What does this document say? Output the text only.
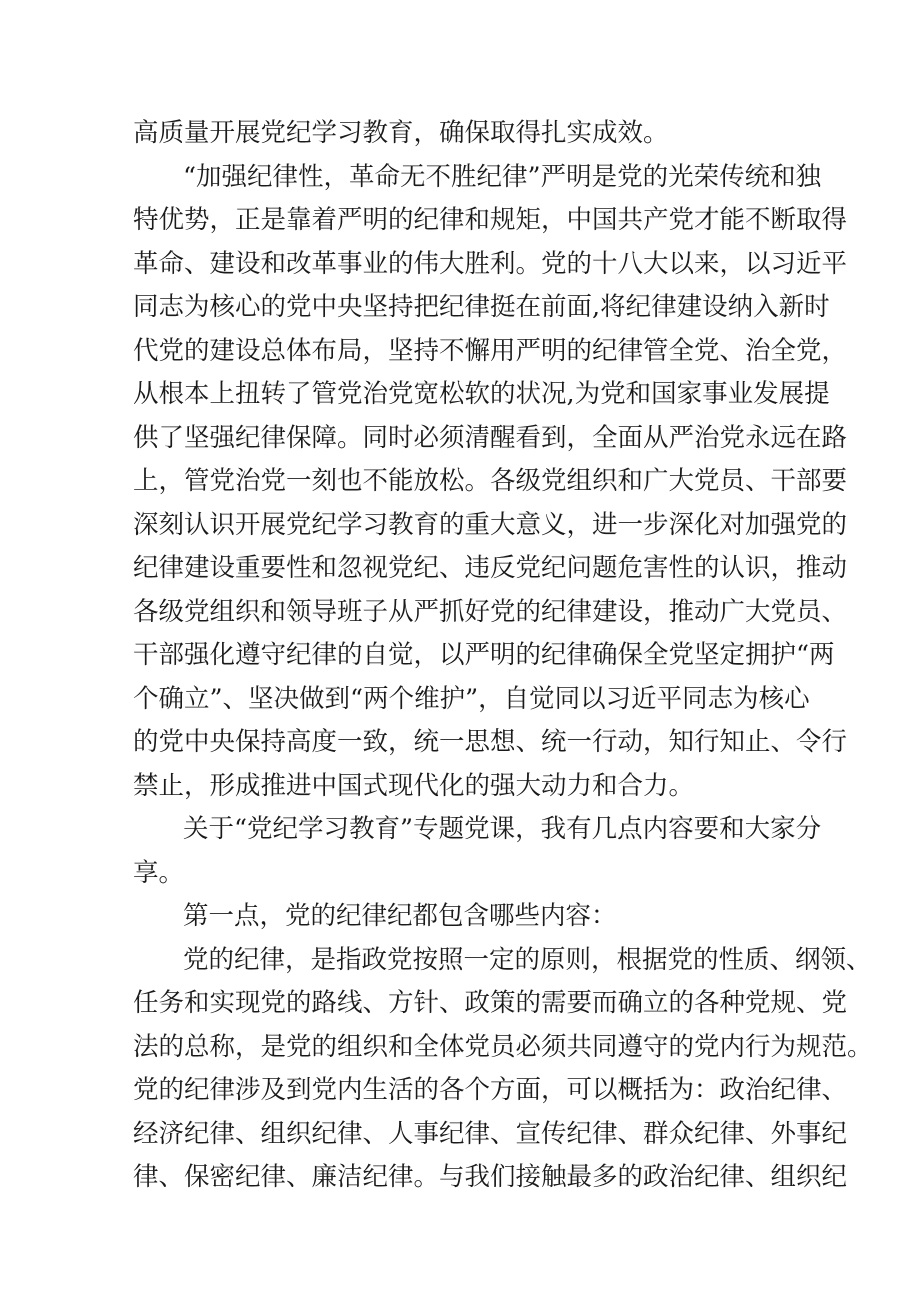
高质量开展党纪学习教育，确保取得扎实成效。
“加强纪律性，革命无不胜纪律”严明是党的光荣传统和独
特优势，正是靠着严明的纪律和规矩，中国共产党才能不断取得
革命、建设和改革事业的伟大胜利。党的十八大以来，以习近平
同志为核心的党中央坚持把纪律挺在前面,将纪律建设纳入新时
代党的建设总体布局，坚持不懈用严明的纪律管全党、治全党，
从根本上扭转了管党治党宽松软的状况,为党和国家事业发展提
供了坚强纪律保障。同时必须清醒看到，全面从严治党永远在路
上，管党治党一刻也不能放松。各级党组织和广大党员、干部要
深刻认识开展党纪学习教育的重大意义，进一步深化对加强党的
纪律建设重要性和忽视党纪、违反党纪问题危害性的认识，推动
各级党组织和领导班子从严抓好党的纪律建设，推动广大党员、
干部强化遵守纪律的自觉，以严明的纪律确保全党坚定拥护“两
个确立”、坚决做到“两个维护”，自觉同以习近平同志为核心
的党中央保持高度一致，统一思想、统一行动，知行知止、令行
禁止，形成推进中国式现代化的强大动力和合力。
关于“党纪学习教育”专题党课，我有几点内容要和大家分
享。
第一点，党的纪律纪都包含哪些内容：
党的纪律，是指政党按照一定的原则，根据党的性质、纲领、
任务和实现党的路线、方针、政策的需要而确立的各种党规、党
法的总称，是党的组织和全体党员必须共同遵守的党内行为规范。
党的纪律涉及到党内生活的各个方面，可以概括为：政治纪律、
经济纪律、组织纪律、人事纪律、宣传纪律、群众纪律、外事纪
律、保密纪律、廉洁纪律。与我们接触最多的政治纪律、组织纪
